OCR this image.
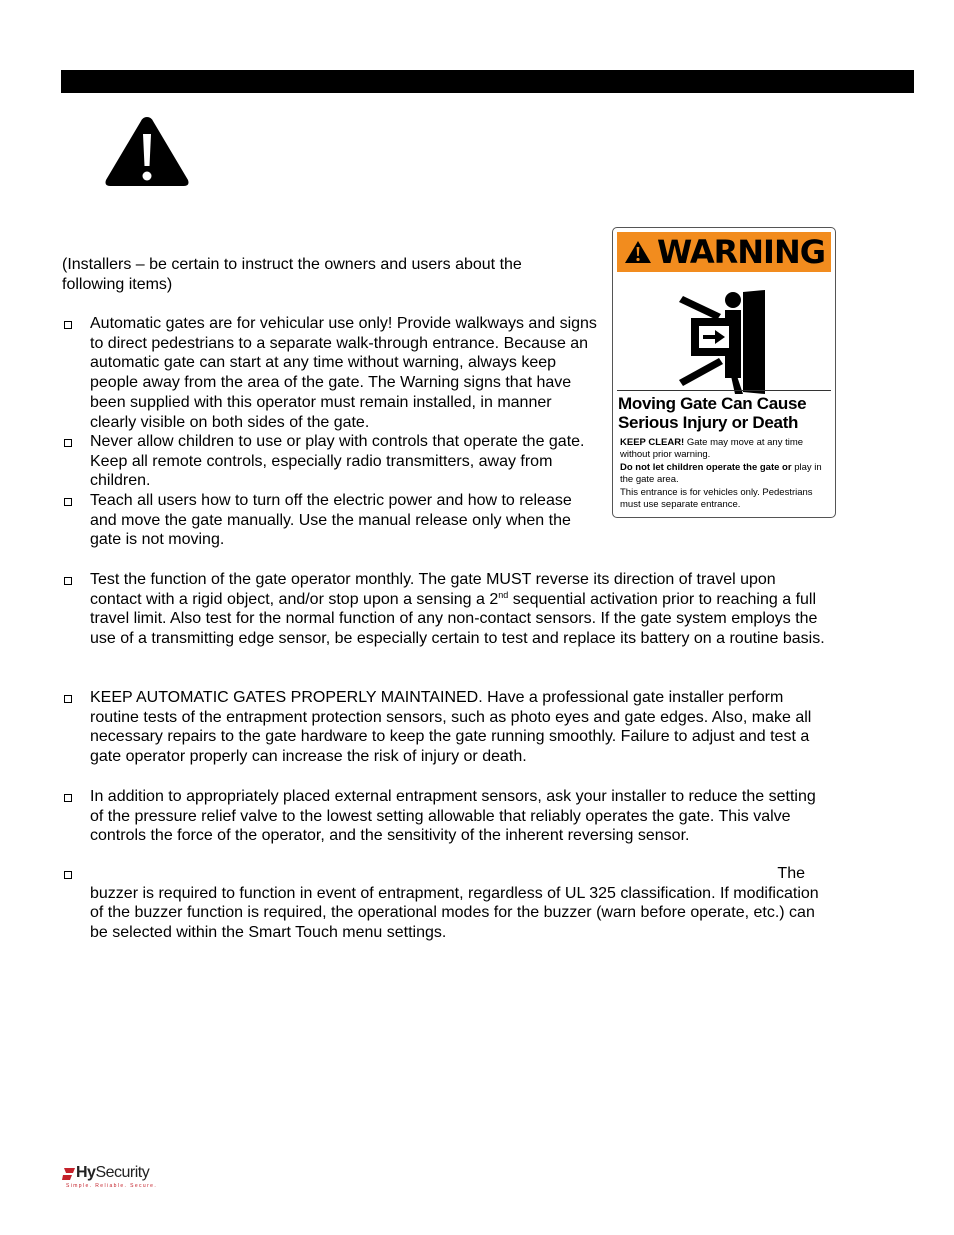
(Installers – be certain to instruct the owners and users about the following items)
Automatic gates are for vehicular use only! Provide walkways and signs to direct pedestrians to a separate walk-through entrance. Because an automatic gate can start at any time without warning, always keep people away from the area of the gate. The Warning signs that have been supplied with this operator must remain installed, in manner clearly visible on both sides of the gate.
Never allow children to use or play with controls that operate the gate. Keep all remote controls, especially radio transmitters, away from children.
Teach all users how to turn off the electric power and how to release and move the gate manually. Use the manual release only when the gate is not moving.
Test the function of the gate operator monthly. The gate MUST reverse its direction of travel upon contact with a rigid object, and/or stop upon a sensing a 2nd sequential activation prior to reaching a full travel limit. Also test for the normal function of any non-contact sensors. If the gate system employs the use of a transmitting edge sensor, be especially certain to test and replace its battery on a routine basis.
KEEP AUTOMATIC GATES PROPERLY MAINTAINED. Have a professional gate installer perform routine tests of the entrapment protection sensors, such as photo eyes and gate edges. Also, make all necessary repairs to the gate hardware to keep the gate running smoothly. Failure to adjust and test a gate operator properly can increase the risk of injury or death.
In addition to appropriately placed external entrapment sensors, ask your installer to reduce the setting of the pressure relief valve to the lowest setting allowable that reliably operates the gate. This valve controls the force of the operator, and the sensitivity of the inherent reversing sensor.
The
buzzer is required to function in event of entrapment, regardless of UL 325 classification. If modification of the buzzer function is required, the operational modes for the buzzer (warn before operate, etc.) can be selected within the Smart Touch menu settings.
WARNING
Moving Gate Can Cause Serious Injury or Death
KEEP CLEAR! Gate may move at any time without prior warning.
Do not let children operate the gate or play in the gate area.
This entrance is for vehicles only. Pedestrians must use separate entrance.
HySecurity
Simple. Reliable. Secure.
